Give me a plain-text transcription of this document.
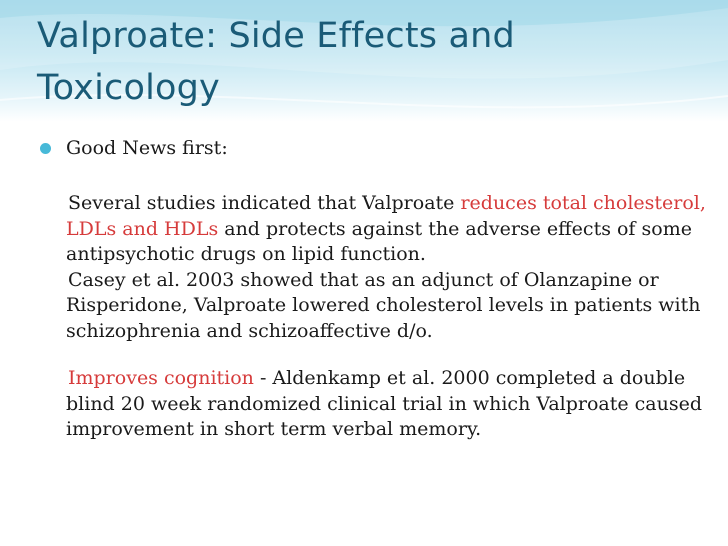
Valproate: Side Effects and Toxicology
Good News first:

Several studies indicated that Valproate reduces total cholesterol, LDLs and HDLs and protects against the adverse effects of some antipsychotic drugs on lipid function.

Casey et al. 2003 showed that as an adjunct of Olanzapine or Risperidone, Valproate lowered cholesterol levels in patients with schizophrenia and schizoaffective d/o.

Improves cognition - Aldenkamp et al. 2000 completed a double blind 20 week randomized clinical trial in which Valproate caused improvement in short term verbal memory.
